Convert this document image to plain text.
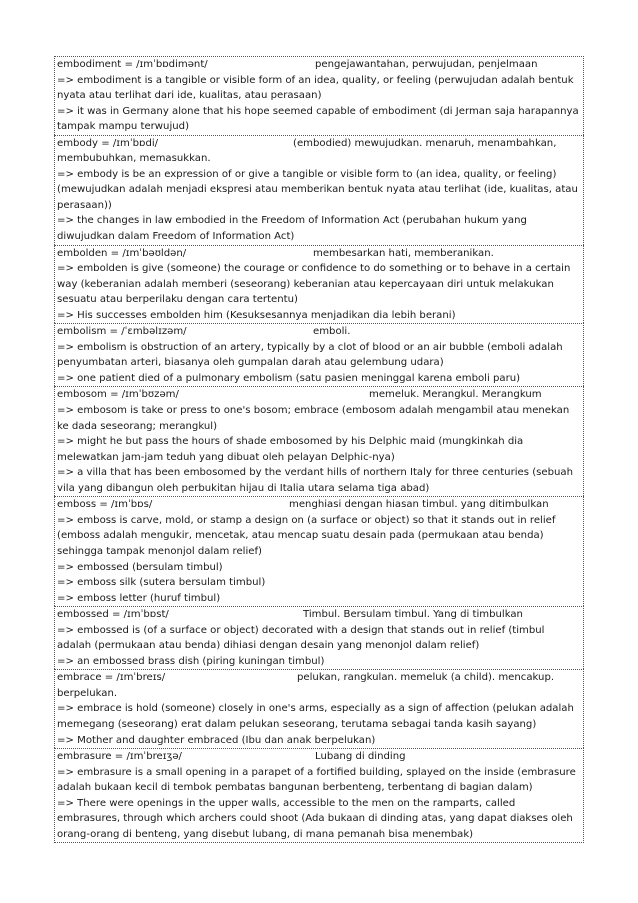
embodiment = /ɪmˈbɒdimənt/	pengejawantahan, perwujudan, penjelmaan
=> embodiment is a tangible or visible form of an idea, quality, or feeling (perwujudan adalah bentuk nyata atau terlihat dari ide, kualitas, atau perasaan)
=> it was in Germany alone that his hope seemed capable of embodiment (di Jerman saja harapannya tampak mampu terwujud)
embody = /ɪmˈbɒdi/	(embodied) mewujudkan. menaruh, menambahkan,
membubuhkan, memasukkan.
=> embody is be an expression of or give a tangible or visible form to (an idea, quality, or feeling) (mewujudkan adalah menjadi ekspresi atau memberikan bentuk nyata atau terlihat (ide, kualitas, atau perasaan))
=> the changes in law embodied in the Freedom of Information Act (perubahan hukum yang diwujudkan dalam Freedom of Information Act)
embolden = /ɪmˈbəʊldən/	membesarkan hati, memberanikan.
=> embolden is give (someone) the courage or confidence to do something or to behave in a certain way (keberanian adalah memberi (seseorang) keberanian atau kepercayaan diri untuk melakukan sesuatu atau berperilaku dengan cara tertentu)
=> His successes embolden him (Kesuksesannya menjadikan dia lebih berani)
embolism = /ˈɛmbəlɪzəm/	emboli.
=> embolism is obstruction of an artery, typically by a clot of blood or an air bubble (emboli adalah penyumbatan arteri, biasanya oleh gumpalan darah atau gelembung udara)
=> one patient died of a pulmonary embolism (satu pasien meninggal karena emboli paru)
embosom = /ɪmˈbʊzəm/	memeluk. Merangkul. Merangkum
=> embosom is take or press to one's bosom; embrace (embosom adalah mengambil atau menekan ke dada seseorang; merangkul)
=> might he but pass the hours of shade embosomed by his Delphic maid (mungkinkah dia melewatkan jam-jam teduh yang dibuat oleh pelayan Delphic-nya)
=> a villa that has been embosomed by the verdant hills of northern Italy for three centuries (sebuah vila yang dibangun oleh perbukitan hijau di Italia utara selama tiga abad)
emboss = /ɪmˈbɒs/	menghiasi dengan hiasan timbul. yang ditimbulkan
=> emboss is carve, mold, or stamp a design on (a surface or object) so that it stands out in relief (emboss adalah mengukir, mencetak, atau mencap suatu desain pada (permukaan atau benda) sehingga tampak menonjol dalam relief)
=> embossed (bersulam timbul)
=> emboss silk (sutera bersulam timbul)
=> emboss letter (huruf timbul)
embossed = /ɪmˈbɒst/	Timbul. Bersulam timbul. Yang di timbulkan
=> embossed is (of a surface or object) decorated with a design that stands out in relief (timbul adalah (permukaan atau benda) dihiasi dengan desain yang menonjol dalam relief)
=> an embossed brass dish (piring kuningan timbul)
embrace = /ɪmˈbreɪs/	pelukan, rangkulan. memeluk (a child). mencakup.
berpelukan.
=> embrace is hold (someone) closely in one's arms, especially as a sign of affection (pelukan adalah memegang (seseorang) erat dalam pelukan seseorang, terutama sebagai tanda kasih sayang)
=> Mother and daughter embraced (Ibu dan anak berpelukan)
embrasure = /ɪmˈbreɪʒə/	Lubang di dinding
=> embrasure is a small opening in a parapet of a fortified building, splayed on the inside (embrasure adalah bukaan kecil di tembok pembatas bangunan berbenteng, terbentang di bagian dalam)
=> There were openings in the upper walls, accessible to the men on the ramparts, called embrasures, through which archers could shoot (Ada bukaan di dinding atas, yang dapat diakses oleh orang-orang di benteng, yang disebut lubang, di mana pemanah bisa menembak)
